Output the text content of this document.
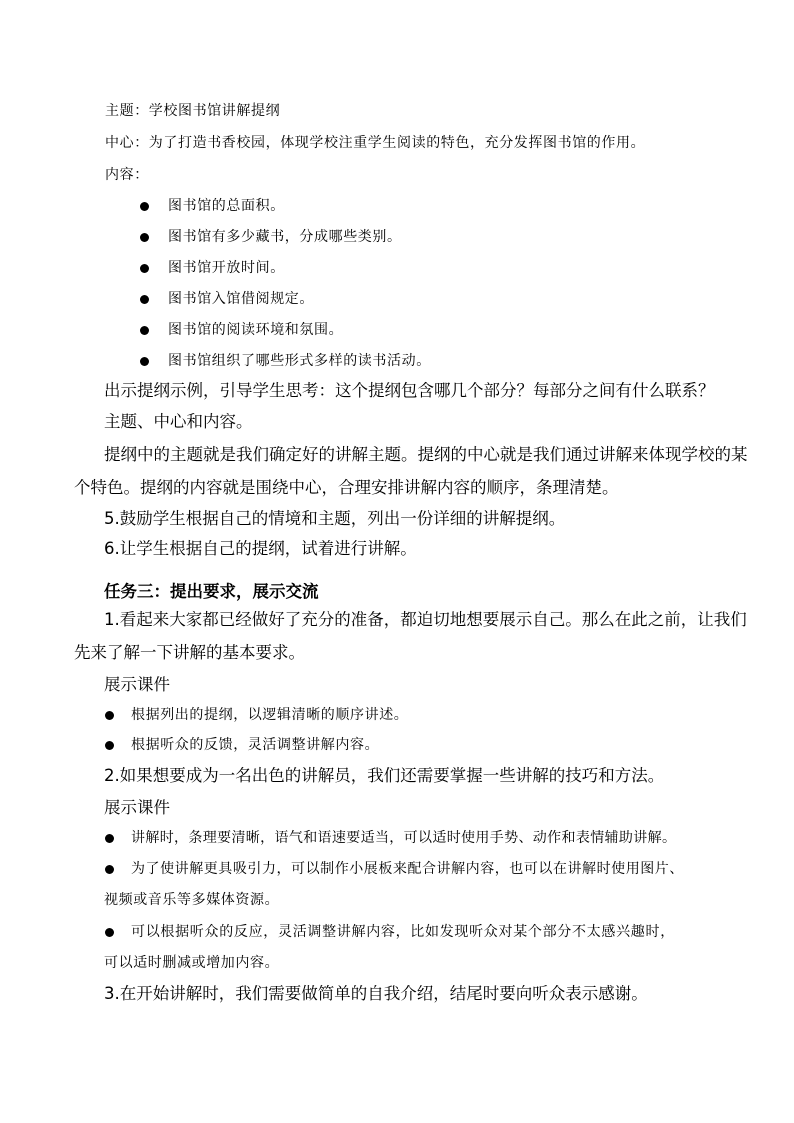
主题：学校图书馆讲解提纲
中心：为了打造书香校园，体现学校注重学生阅读的特色，充分发挥图书馆的作用。
内容：
图书馆的总面积。
图书馆有多少藏书，分成哪些类别。
图书馆开放时间。
图书馆入馆借阅规定。
图书馆的阅读环境和氛围。
图书馆组织了哪些形式多样的读书活动。
出示提纲示例，引导学生思考：这个提纲包含哪几个部分？每部分之间有什么联系？
主题、中心和内容。
提纲中的主题就是我们确定好的讲解主题。提纲的中心就是我们通过讲解来体现学校的某
个特色。提纲的内容就是围绕中心，合理安排讲解内容的顺序，条理清楚。
5.鼓励学生根据自己的情境和主题，列出一份详细的讲解提纲。
6.让学生根据自己的提纲，试着进行讲解。
任务三：提出要求，展示交流
1.看起来大家都已经做好了充分的准备，都迫切地想要展示自己。那么在此之前，让我们
先来了解一下讲解的基本要求。
展示课件
根据列出的提纲，以逻辑清晰的顺序讲述。
根据听众的反馈，灵活调整讲解内容。
2.如果想要成为一名出色的讲解员，我们还需要掌握一些讲解的技巧和方法。
展示课件
讲解时，条理要清晰，语气和语速要适当，可以适时使用手势、动作和表情辅助讲解。
为了使讲解更具吸引力，可以制作小展板来配合讲解内容，也可以在讲解时使用图片、
视频或音乐等多媒体资源。
可以根据听众的反应，灵活调整讲解内容，比如发现听众对某个部分不太感兴趣时，
可以适时删减或增加内容。
3.在开始讲解时，我们需要做简单的自我介绍，结尾时要向听众表示感谢。
